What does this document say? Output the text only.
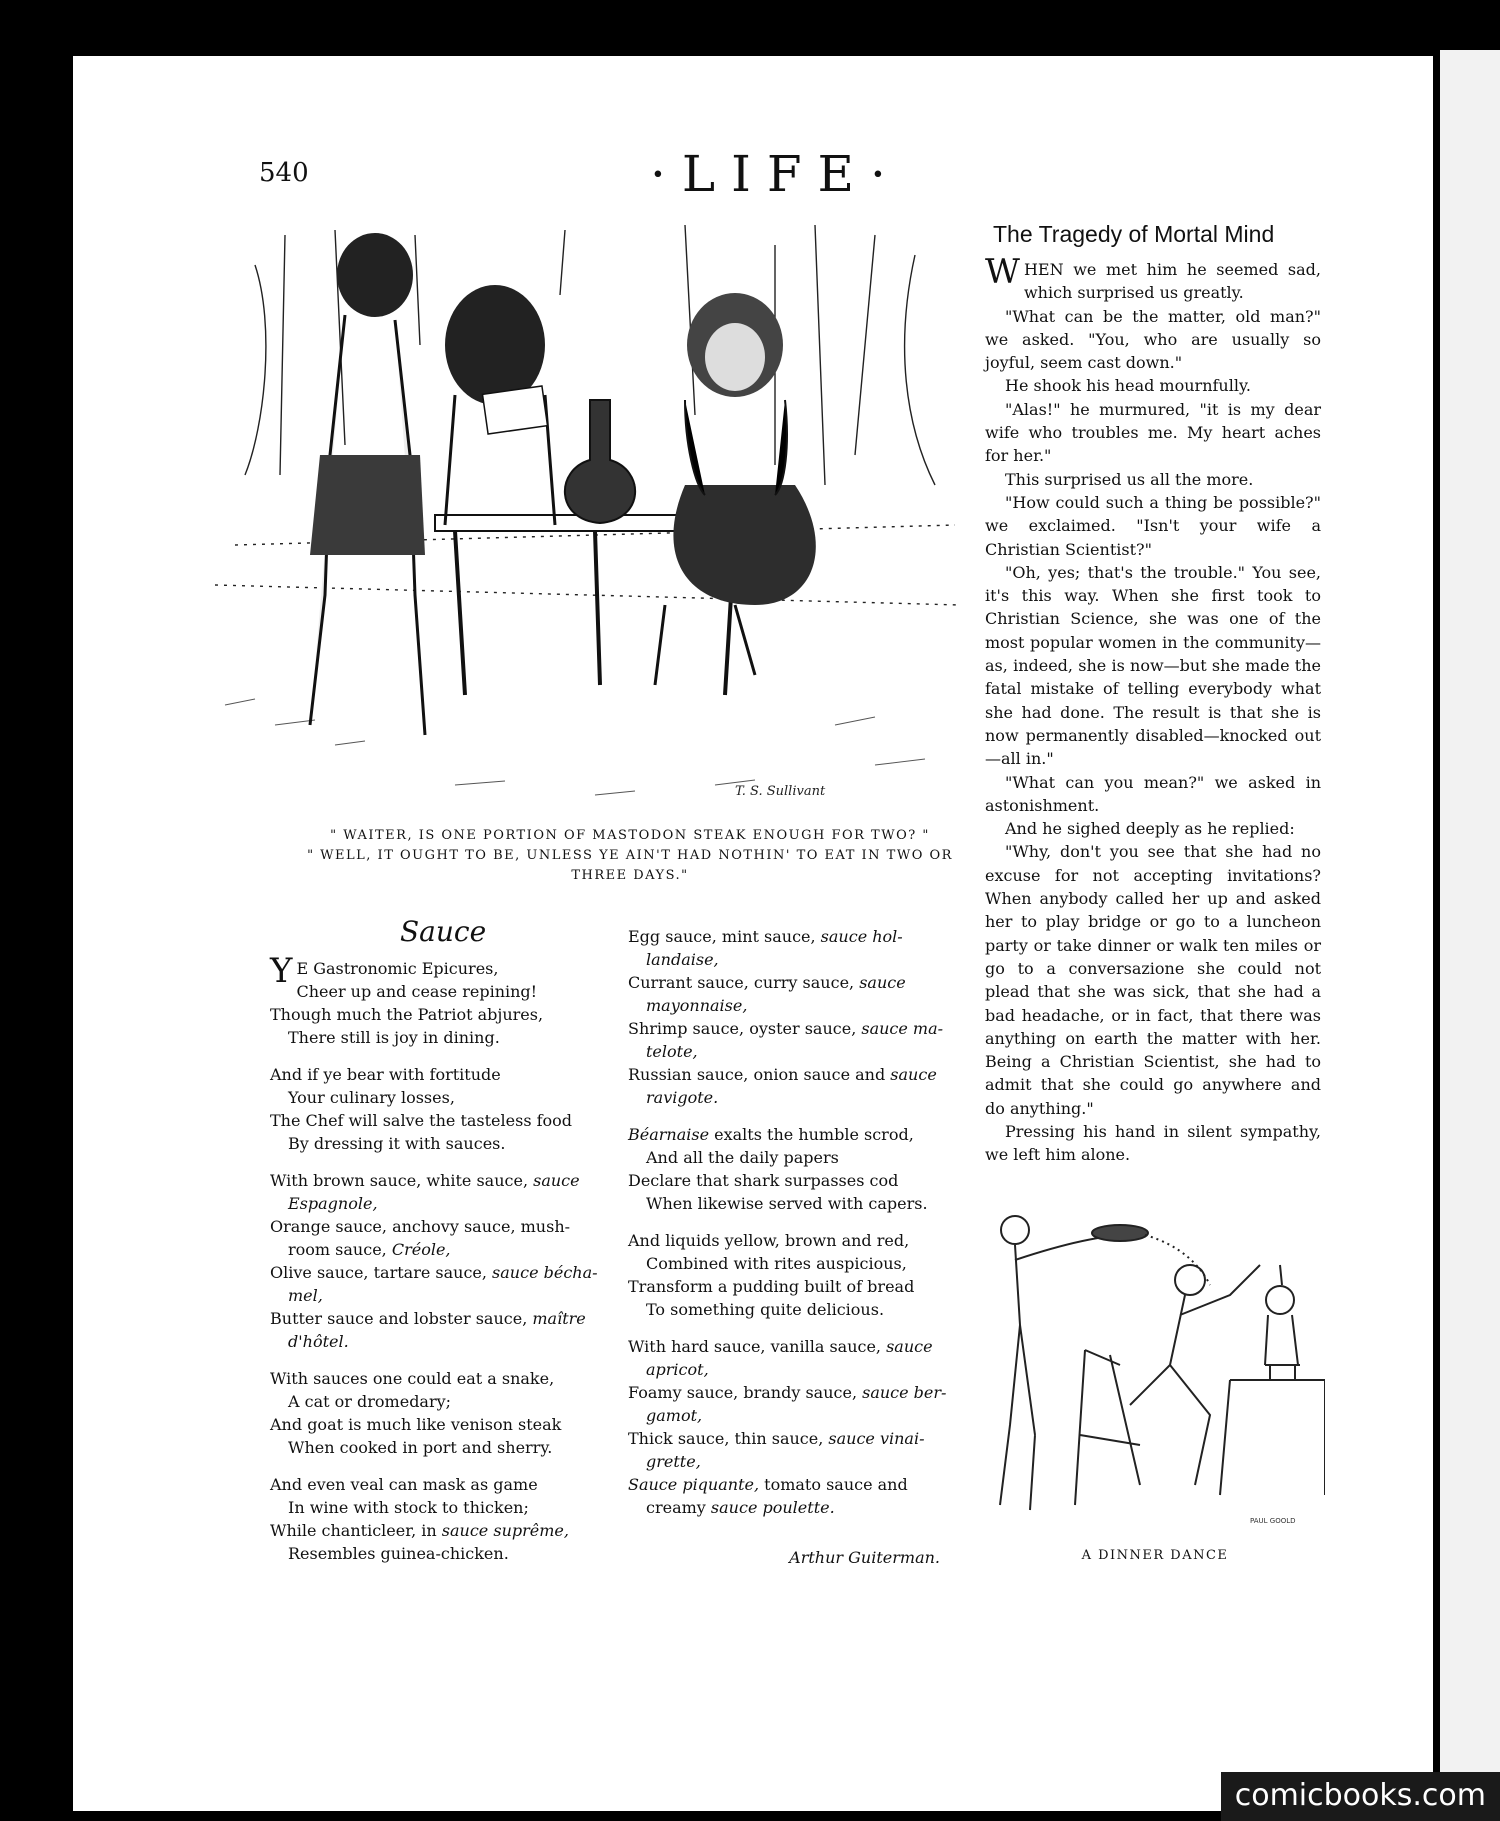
540	·LIFE·
T. S. Sullivant
" WAITER, IS ONE PORTION OF MASTODON STEAK ENOUGH FOR TWO? "
" WELL, IT OUGHT TO BE, UNLESS YE AIN'T HAD NOTHIN' TO EAT IN TWO OR
THREE DAYS."
Sauce
Y E Gastronomic Epicures,
Cheer up and cease repining!
Though much the Patriot abjures,
There still is joy in dining.
And if ye bear with fortitude
Your culinary losses,
The Chef will salve the tasteless food
By dressing it with sauces.
With brown sauce, white sauce, sauce
Espagnole,
Orange sauce, anchovy sauce, mush-
room sauce, Créole,
Olive sauce, tartare sauce, sauce bécha-
mel,
Butter sauce and lobster sauce, maître
d'hôtel.
With sauces one could eat a snake,
A cat or dromedary;
And goat is much like venison steak
When cooked in port and sherry.
And even veal can mask as game
In wine with stock to thicken;
While chanticleer, in sauce suprême,
Resembles guinea-chicken.
Egg sauce, mint sauce, sauce hol-
landaise,
Currant sauce, curry sauce, sauce
mayonnaise,
Shrimp sauce, oyster sauce, sauce ma-
telote,
Russian sauce, onion sauce and sauce
ravigote.
Béarnaise exalts the humble scrod,
And all the daily papers
Declare that shark surpasses cod
When likewise served with capers.
And liquids yellow, brown and red,
Combined with rites auspicious,
Transform a pudding built of bread
To something quite delicious.
With hard sauce, vanilla sauce, sauce
apricot,
Foamy sauce, brandy sauce, sauce ber-
gamot,
Thick sauce, thin sauce, sauce vinai-
grette,
Sauce piquante, tomato sauce and
creamy sauce poulette.
Arthur Guiterman.
The Tragedy of Mortal Mind

WHEN we met him he seemed sad, which surprised us greatly.

"What can be the matter, old man?" we asked. "You, who are usually so joyful, seem cast down."

He shook his head mournfully.

"Alas!" he murmured, "it is my dear wife who troubles me. My heart aches for her."

This surprised us all the more.

"How could such a thing be possible?" we exclaimed. "Isn't your wife a Christian Scientist?"

"Oh, yes; that's the trouble." You see, it's this way. When she first took to Christian Science, she was one of the most popular women in the community—as, indeed, she is now—but she made the fatal mistake of telling everybody what she had done. The result is that she is now permanently disabled—knocked out—all in."

"What can you mean?" we asked in astonishment.

And he sighed deeply as he replied:

"Why, don't you see that she had no excuse for not accepting invitations? When anybody called her up and asked her to play bridge or go to a luncheon party or take dinner or walk ten miles or go to a conversazione she could not plead that she was sick, that she had a bad headache, or in fact, that there was anything on earth the matter with her. Being a Christian Scientist, she had to admit that she could go anywhere and do anything."

Pressing his hand in silent sympathy, we left him alone.

PAUL GOOLD
A DINNER DANCE
comicbooks.com
